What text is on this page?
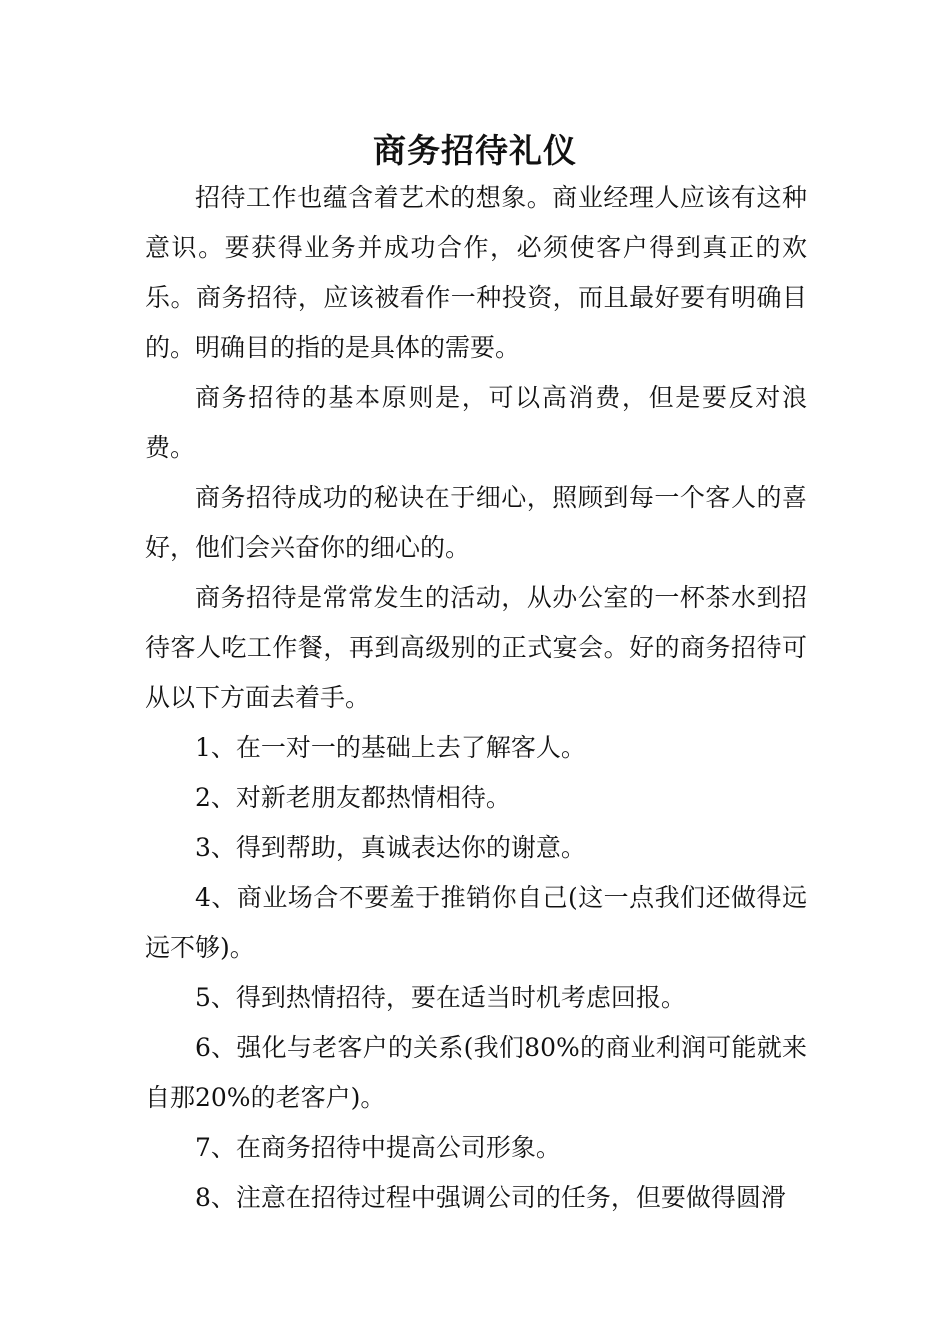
商务招待礼仪

招待工作也蕴含着艺术的想象。商业经理人应该有这种意识。要获得业务并成功合作，必须使客户得到真正的欢乐。商务招待，应该被看作一种投资，而且最好要有明确目的。明确目的指的是具体的需要。

商务招待的基本原则是，可以高消费，但是要反对浪费。

商务招待成功的秘诀在于细心，照顾到每一个客人的喜好，他们会兴奋你的细心的。

商务招待是常常发生的活动，从办公室的一杯茶水到招待客人吃工作餐，再到高级别的正式宴会。好的商务招待可从以下方面去着手。

1、在一对一的基础上去了解客人。

2、对新老朋友都热情相待。

3、得到帮助，真诚表达你的谢意。

4、商业场合不要羞于推销你自己(这一点我们还做得远远不够)。

5、得到热情招待，要在适当时机考虑回报。

6、强化与老客户的关系(我们80%的商业利润可能就来自那20%的老客户)。

7、在商务招待中提高公司形象。

8、注意在招待过程中强调公司的任务，但要做得圆滑
